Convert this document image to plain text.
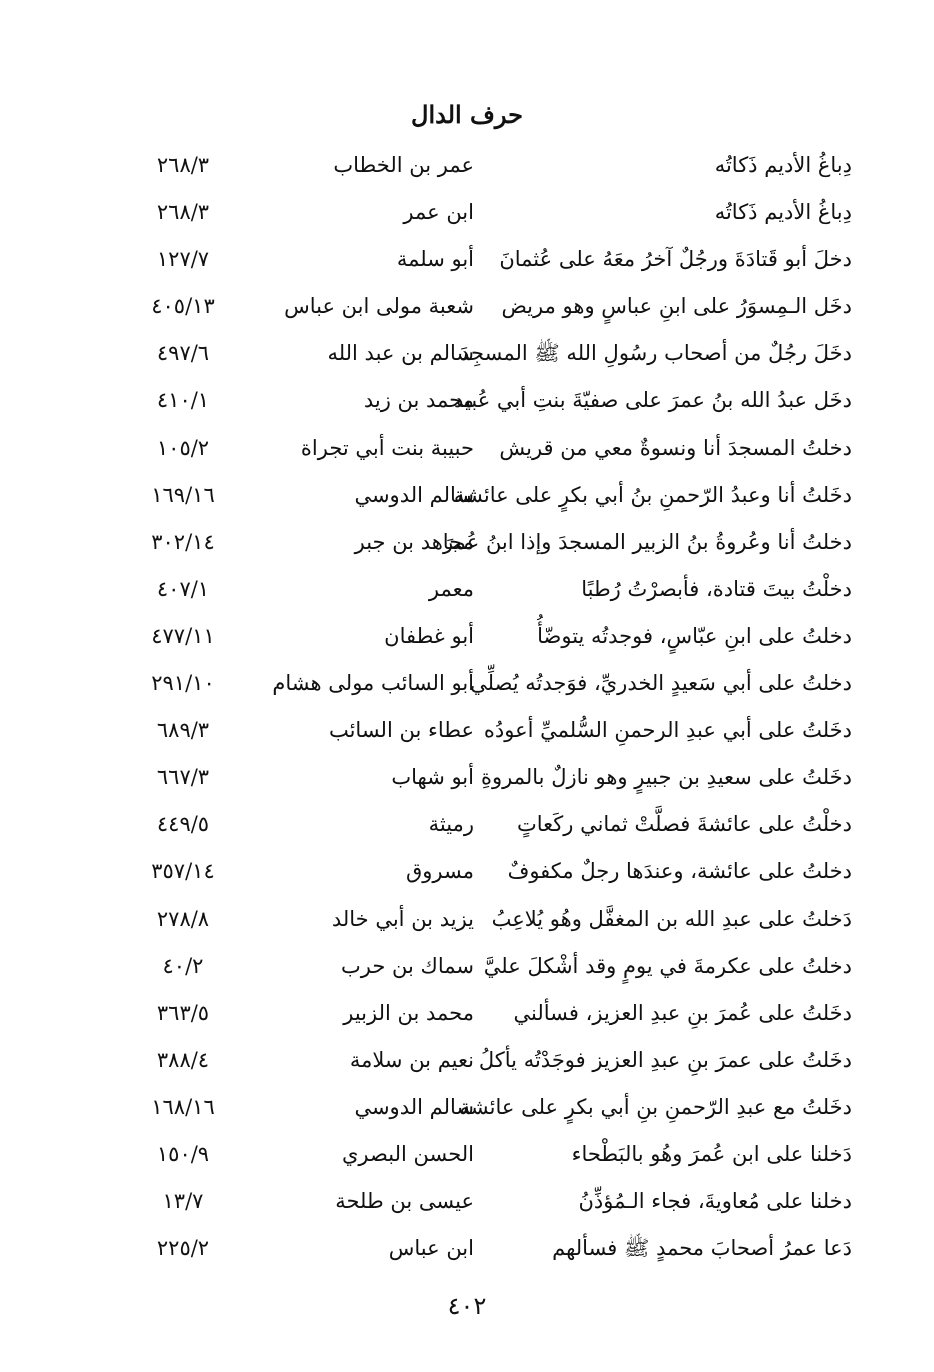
حرف الدال
دِباغُ الأديم ذَكاتُه
عمر بن الخطاب
٢٦٨/٣
دِباغُ الأديم ذَكاتُه
ابن عمر
٢٦٨/٣
دخلَ أبو قَتادَةَ ورجُلٌ آخرُ معَهُ على عُثمانَ
أبو سلمة
١٢٧/٧
دخَل الـمِسوَرُ على ابنِ عباسٍ وهو مريض
شعبة مولى ابن عباس
٤٠٥/١٣
دخَلَ رجُلٌ من أصحاب رسُولِ الله ﷺ المسجِدَ
سالم بن عبد الله
٤٩٧/٦
دخَل عبدُ الله بنُ عمرَ على صفيّةَ بنتِ أبي عُبيد
محمد بن زيد
٤١٠/١
دخلتُ المسجدَ أنا ونسوةٌ معي من قريش
حبيبة بنت أبي تجراة
١٠٥/٢
دخَلتُ أنا وعبدُ الرّحمنِ بنُ أبي بكرٍ على عائشة
سالم الدوسي
١٦٩/١٦
دخلتُ أنا وعُروةُ بنُ الزبير المسجدَ وإذا ابنُ عُمرَ
مجاهد بن جبر
٣٠٢/١٤
دخلْتُ بيتَ قتادة، فأبصرْتُ رُطبًا
معمر
٤٠٧/١
دخلتُ على ابنِ عبّاسٍ، فوجدتُه يتوضّأُ
أبو غطفان
٤٧٧/١١
دخلتُ على أبي سَعيدٍ الخدريِّ، فوَجدتُه يُصلِّي
أبو السائب مولى هشام
٢٩١/١٠
دخَلتُ على أبي عبدِ الرحمنِ السُّلميِّ أعودُه
عطاء بن السائب
٦٨٩/٣
دخَلتُ على سعيدِ بن جبيرٍ وهو نازلٌ بالمروةِ
أبو شهاب
٦٦٧/٣
دخلْتُ على عائشةَ فصلَّتْ ثماني ركَعاتٍ
رميثة
٤٤٩/٥
دخلتُ على عائشة، وعندَها رجلٌ مكفوفٌ
مسروق
٣٥٧/١٤
دَخلتُ على عبدِ الله بن المغفَّل وهُو يُلاعِبُ
يزيد بن أبي خالد
٢٧٨/٨
دخلتُ على عكرمةَ في يومٍ وقد أشْكلَ عليَّ
سماك بن حرب
٤٠/٢
دخَلتُ على عُمرَ بنِ عبدِ العزيز، فسألني
محمد بن الزبير
٣٦٣/٥
دخَلتُ على عمرَ بنِ عبدِ العزيز فوجَدْتُه يأكلُ
نعيم بن سلامة
٣٨٨/٤
دخَلتُ مع عبدِ الرّحمنِ بنِ أبي بكرٍ على عائشة
سالم الدوسي
١٦٨/١٦
دَخلنا على ابن عُمرَ وهُو بالبَطْحاء
الحسن البصري
١٥٠/٩
دخلنا على مُعاويةَ، فجاء الـمُؤذِّنُ
عيسى بن طلحة
١٣/٧
دَعا عمرُ أصحابَ محمدٍ ﷺ فسألهم
ابن عباس
٢٢٥/٢
٤٠٢
